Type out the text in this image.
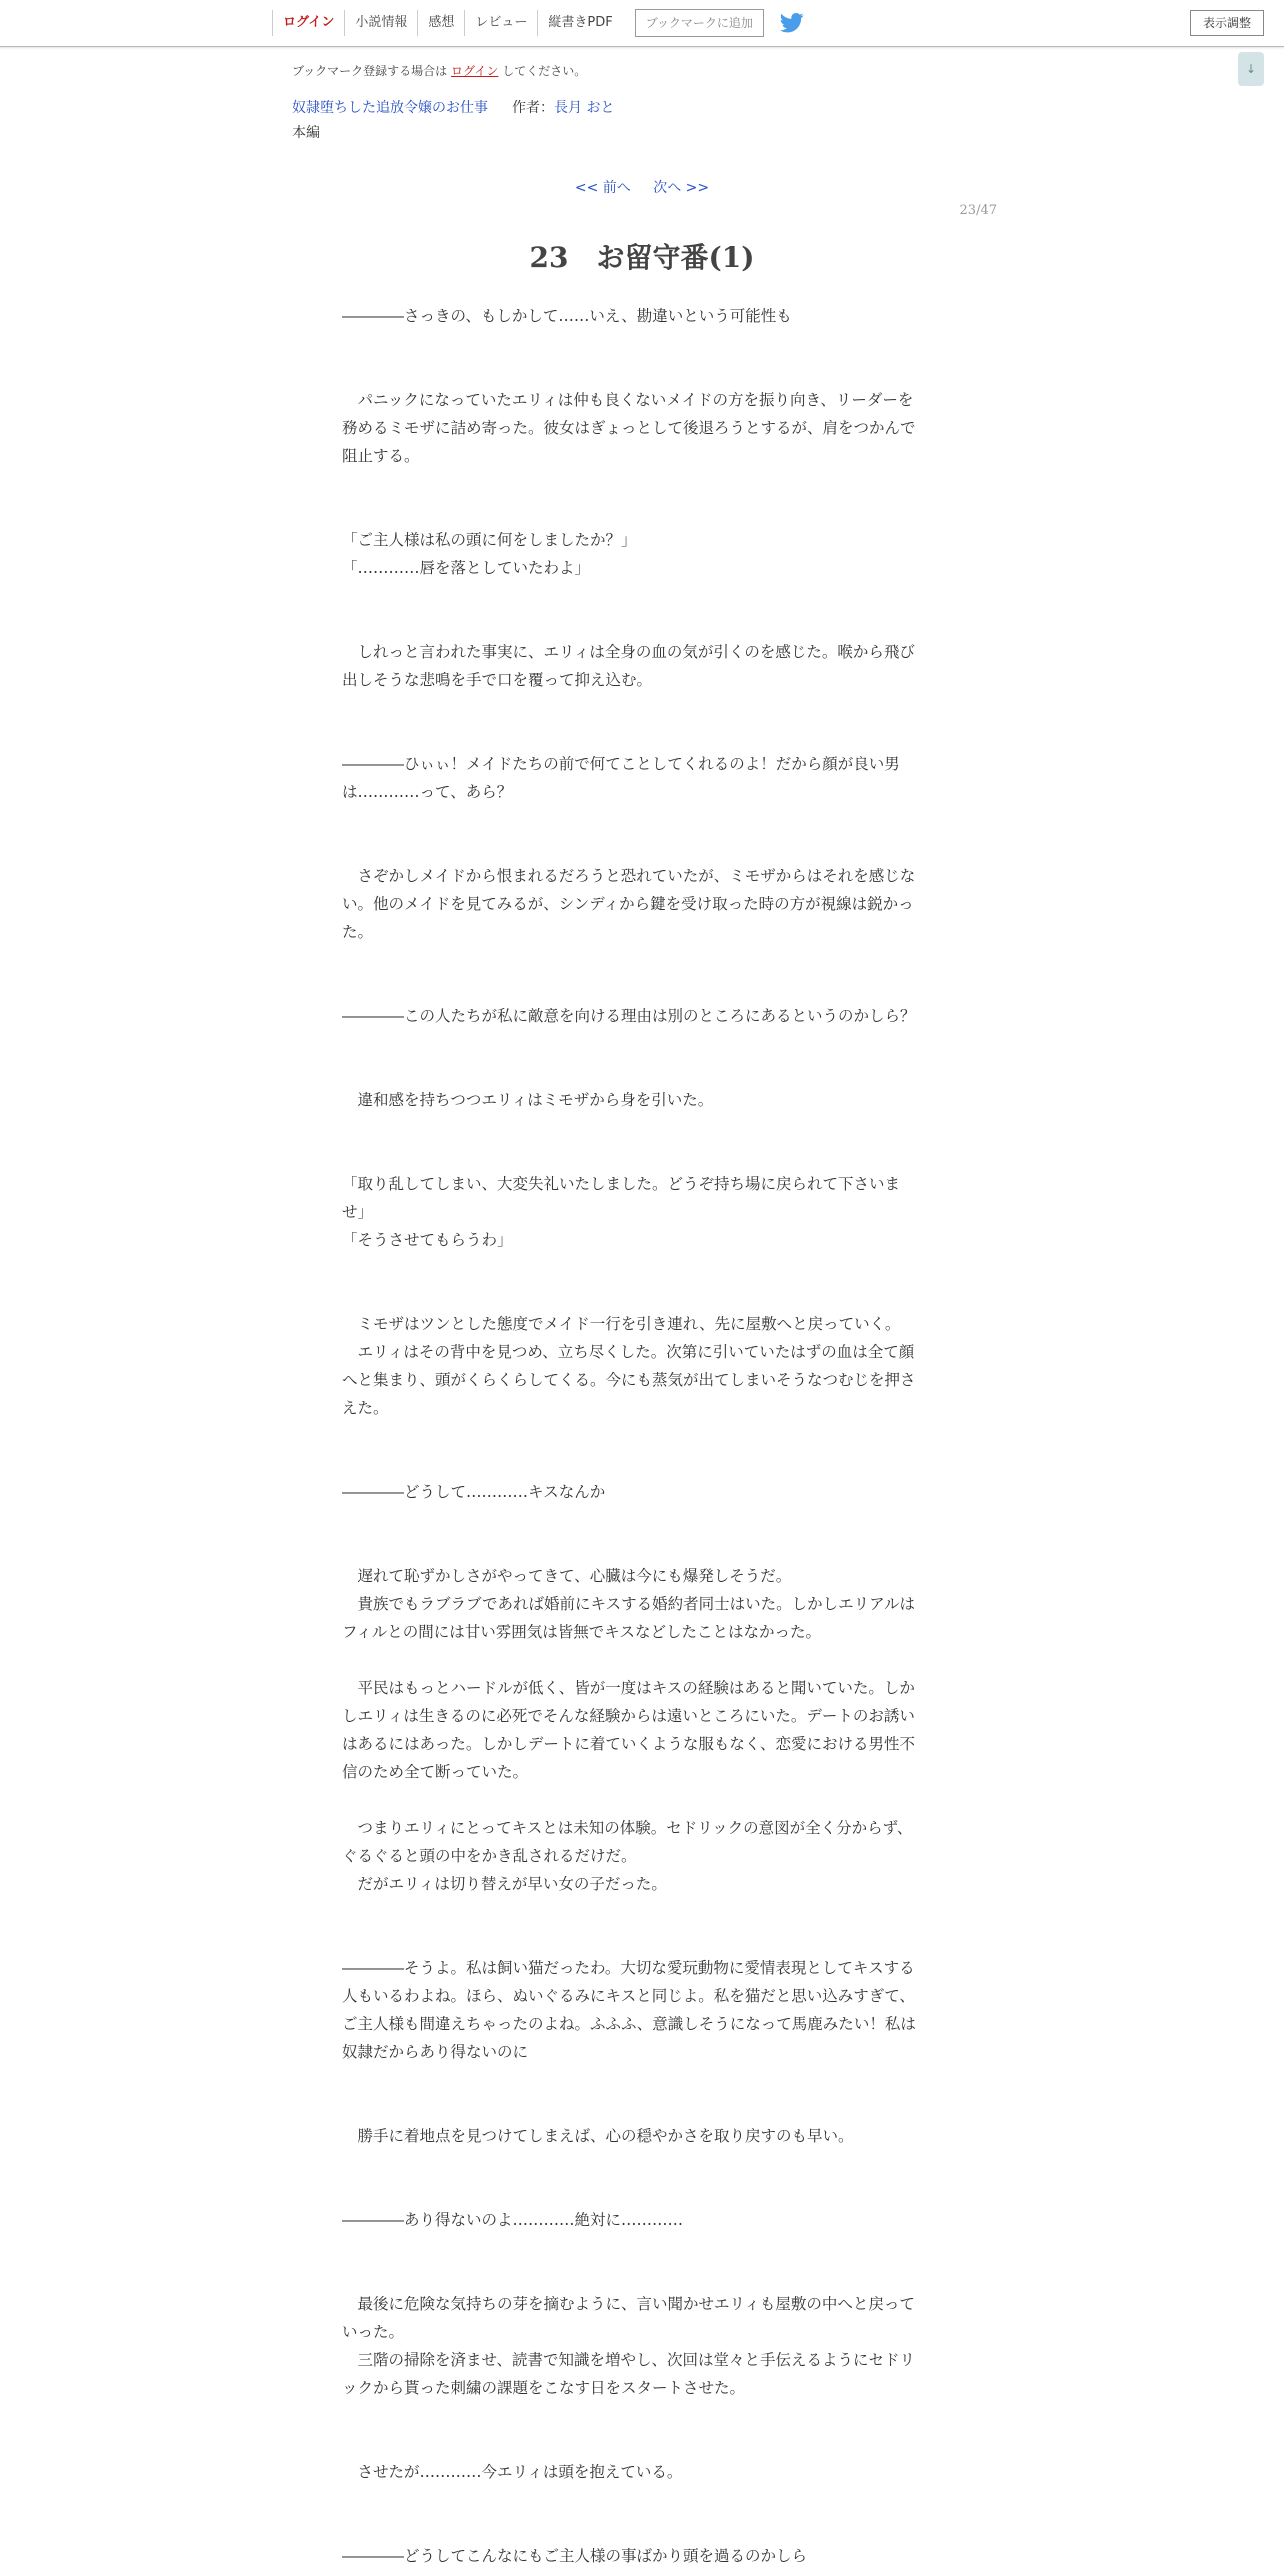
ログイン	小説情報	感想	レビュー	縦書きPDF	ブックマークに追加	表示調整
↓
ブックマーク登録する場合は ログイン してください。
奴隷堕ちした追放令嬢のお仕事 作者：長月 おと
本編
<< 前へ 次へ >>
23/47
23　お留守番(1)

――――さっきの、もしかして……いえ、勘違いという可能性も

　パニックになっていたエリィは仲も良くないメイドの方を振り向き、リーダーを

務めるミモザに詰め寄った。彼女はぎょっとして後退ろうとするが、肩をつかんで

阻止する。

「ご主人様は私の頭に何をしましたか？」

「…………唇を落としていたわよ」

　しれっと言われた事実に、エリィは全身の血の気が引くのを感じた。喉から飛び

出しそうな悲鳴を手で口を覆って抑え込む。

――――ひぃぃ！メイドたちの前で何てことしてくれるのよ！だから顔が良い男

は…………って、あら？

　さぞかしメイドから恨まれるだろうと恐れていたが、ミモザからはそれを感じな

い。他のメイドを見てみるが、シンディから鍵を受け取った時の方が視線は鋭かっ

た。

――――この人たちが私に敵意を向ける理由は別のところにあるというのかしら？

　違和感を持ちつつエリィはミモザから身を引いた。

「取り乱してしまい、大変失礼いたしました。どうぞ持ち場に戻られて下さいま

せ」

「そうさせてもらうわ」

　ミモザはツンとした態度でメイド一行を引き連れ、先に屋敷へと戻っていく。

　エリィはその背中を見つめ、立ち尽くした。次第に引いていたはずの血は全て顔

へと集まり、頭がくらくらしてくる。今にも蒸気が出てしまいそうなつむじを押さ

えた。

――――どうして…………キスなんか

　遅れて恥ずかしさがやってきて、心臓は今にも爆発しそうだ。

　貴族でもラブラブであれば婚前にキスする婚約者同士はいた。しかしエリアルは

フィルとの間には甘い雰囲気は皆無でキスなどしたことはなかった。

　平民はもっとハードルが低く、皆が一度はキスの経験はあると聞いていた。しか

しエリィは生きるのに必死でそんな経験からは遠いところにいた。デートのお誘い

はあるにはあった。しかしデートに着ていくような服もなく、恋愛における男性不

信のため全て断っていた。

　つまりエリィにとってキスとは未知の体験。セドリックの意図が全く分からず、

ぐるぐると頭の中をかき乱されるだけだ。

　だがエリィは切り替えが早い女の子だった。

――――そうよ。私は飼い猫だったわ。大切な愛玩動物に愛情表現としてキスする

人もいるわよね。ほら、ぬいぐるみにキスと同じよ。私を猫だと思い込みすぎて、

ご主人様も間違えちゃったのよね。ふふふ、意識しそうになって馬鹿みたい！私は

奴隷だからあり得ないのに

　勝手に着地点を見つけてしまえば、心の穏やかさを取り戻すのも早い。

――――あり得ないのよ…………絶対に…………

　最後に危険な気持ちの芽を摘むように、言い聞かせエリィも屋敷の中へと戻って

いった。

　三階の掃除を済ませ、読書で知識を増やし、次回は堂々と手伝えるようにセドリ

ックから貰った刺繍の課題をこなす日をスタートさせた。

　させたが…………今エリィは頭を抱えている。

――――どうしてこんなにもご主人様の事ばかり頭を過るのかしら
